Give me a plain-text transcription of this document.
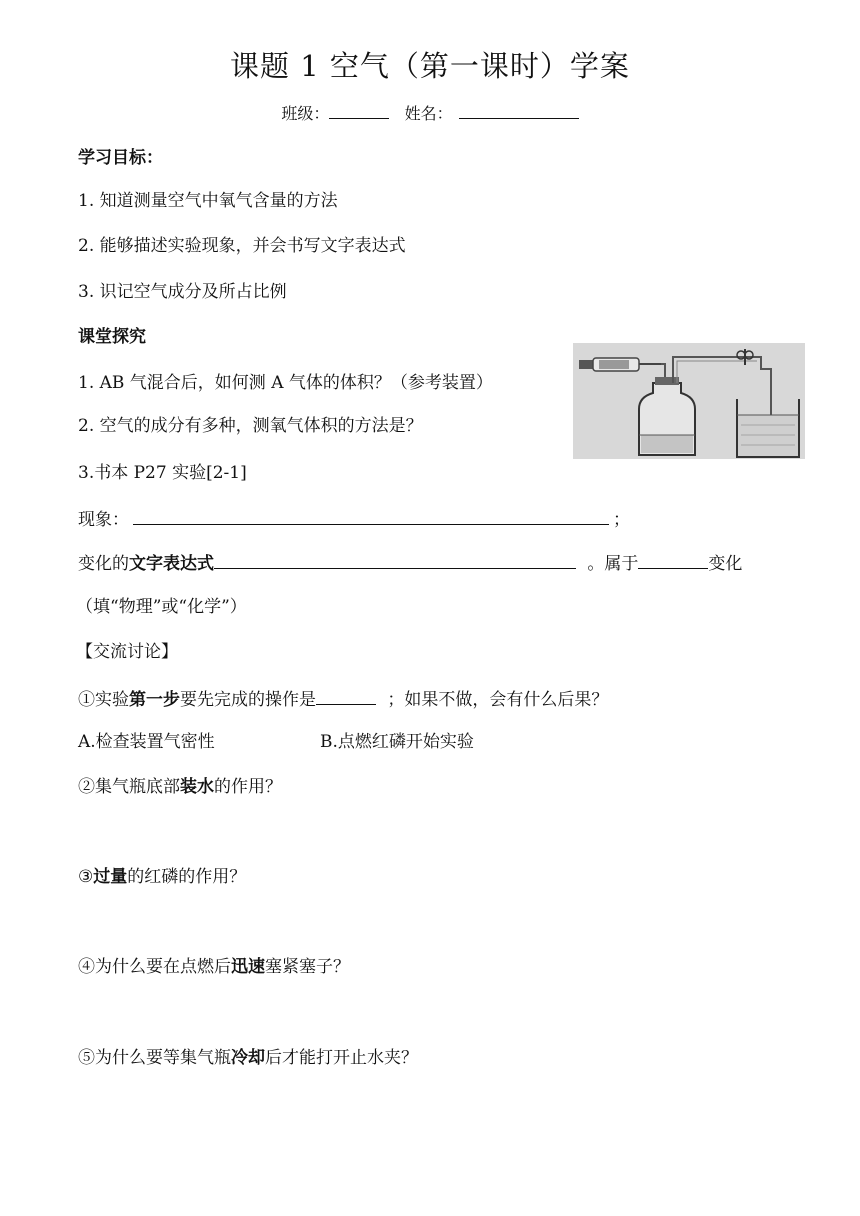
课题 1 空气（第一课时）学案
班级：	姓名：
学习目标：
1. 知道测量空气中氧气含量的方法
2. 能够描述实验现象，并会书写文字表达式
3. 识记空气成分及所占比例
课堂探究
1. AB 气混合后，如何测 A 气体的体积？（参考装置）
2. 空气的成分有多种，测氧气体积的方法是？
3.书本 P27 实验[2-1]
现象：	；
变化的文字表达式	。属于	变化
（填“物理”或“化学”）
【交流讨论】
①实验第一步要先完成的操作是	；如果不做，会有什么后果？
A.检查装置气密性	B.点燃红磷开始实验
②集气瓶底部装水的作用？
③过量的红磷的作用？
④为什么要在点燃后迅速塞紧塞子？
⑤为什么要等集气瓶冷却后才能打开止水夹？
